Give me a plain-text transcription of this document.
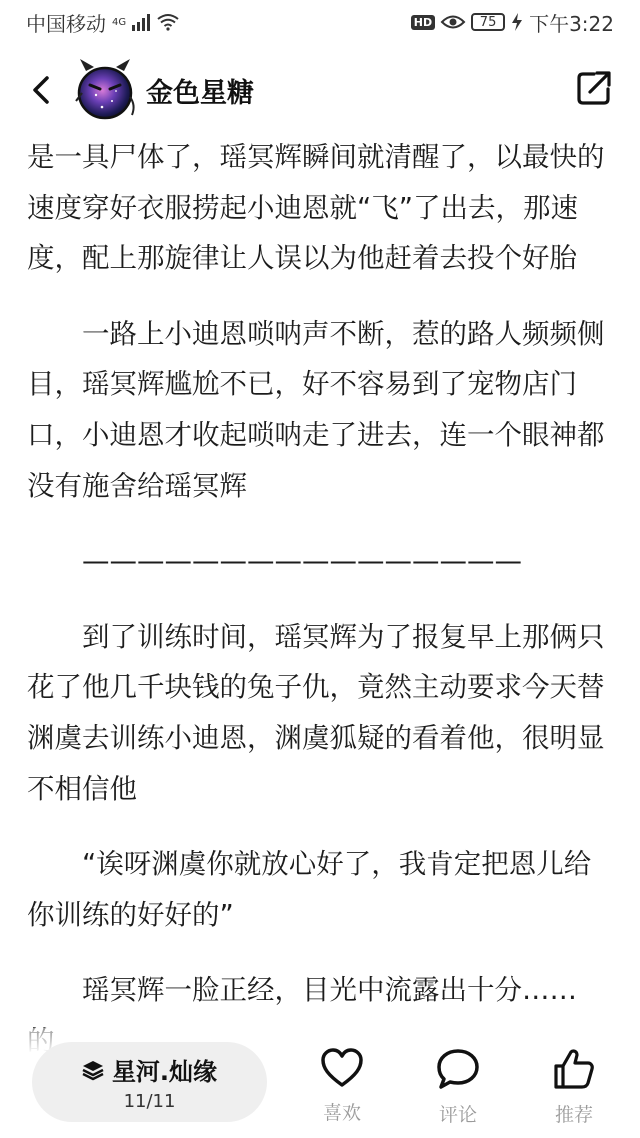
中国移动 4G	HD	75	下午3:22
金色星糖

是一具尸体了，瑶冥辉瞬间就清醒了，以最快的速度穿好衣服捞起小迪恩就“飞”了出去，那速度，配上那旋律让人误以为他赶着去投个好胎

一路上小迪恩唢呐声不断，惹的路人频频侧目，瑶冥辉尴尬不已，好不容易到了宠物店门口，小迪恩才收起唢呐走了进去，连一个眼神都没有施舍给瑶冥辉

————————————————

到了训练时间，瑶冥辉为了报复早上那俩只花了他几千块钱的兔子仇，竟然主动要求今天替渊虞去训练小迪恩，渊虞狐疑的看着他，很明显不相信他

“诶呀渊虞你就放心好了，我肯定把恩儿给你训练的好好的”

瑶冥辉一脸正经，目光中流露出十分……

星河.灿缘
11/11
喜欢	评论	推荐
